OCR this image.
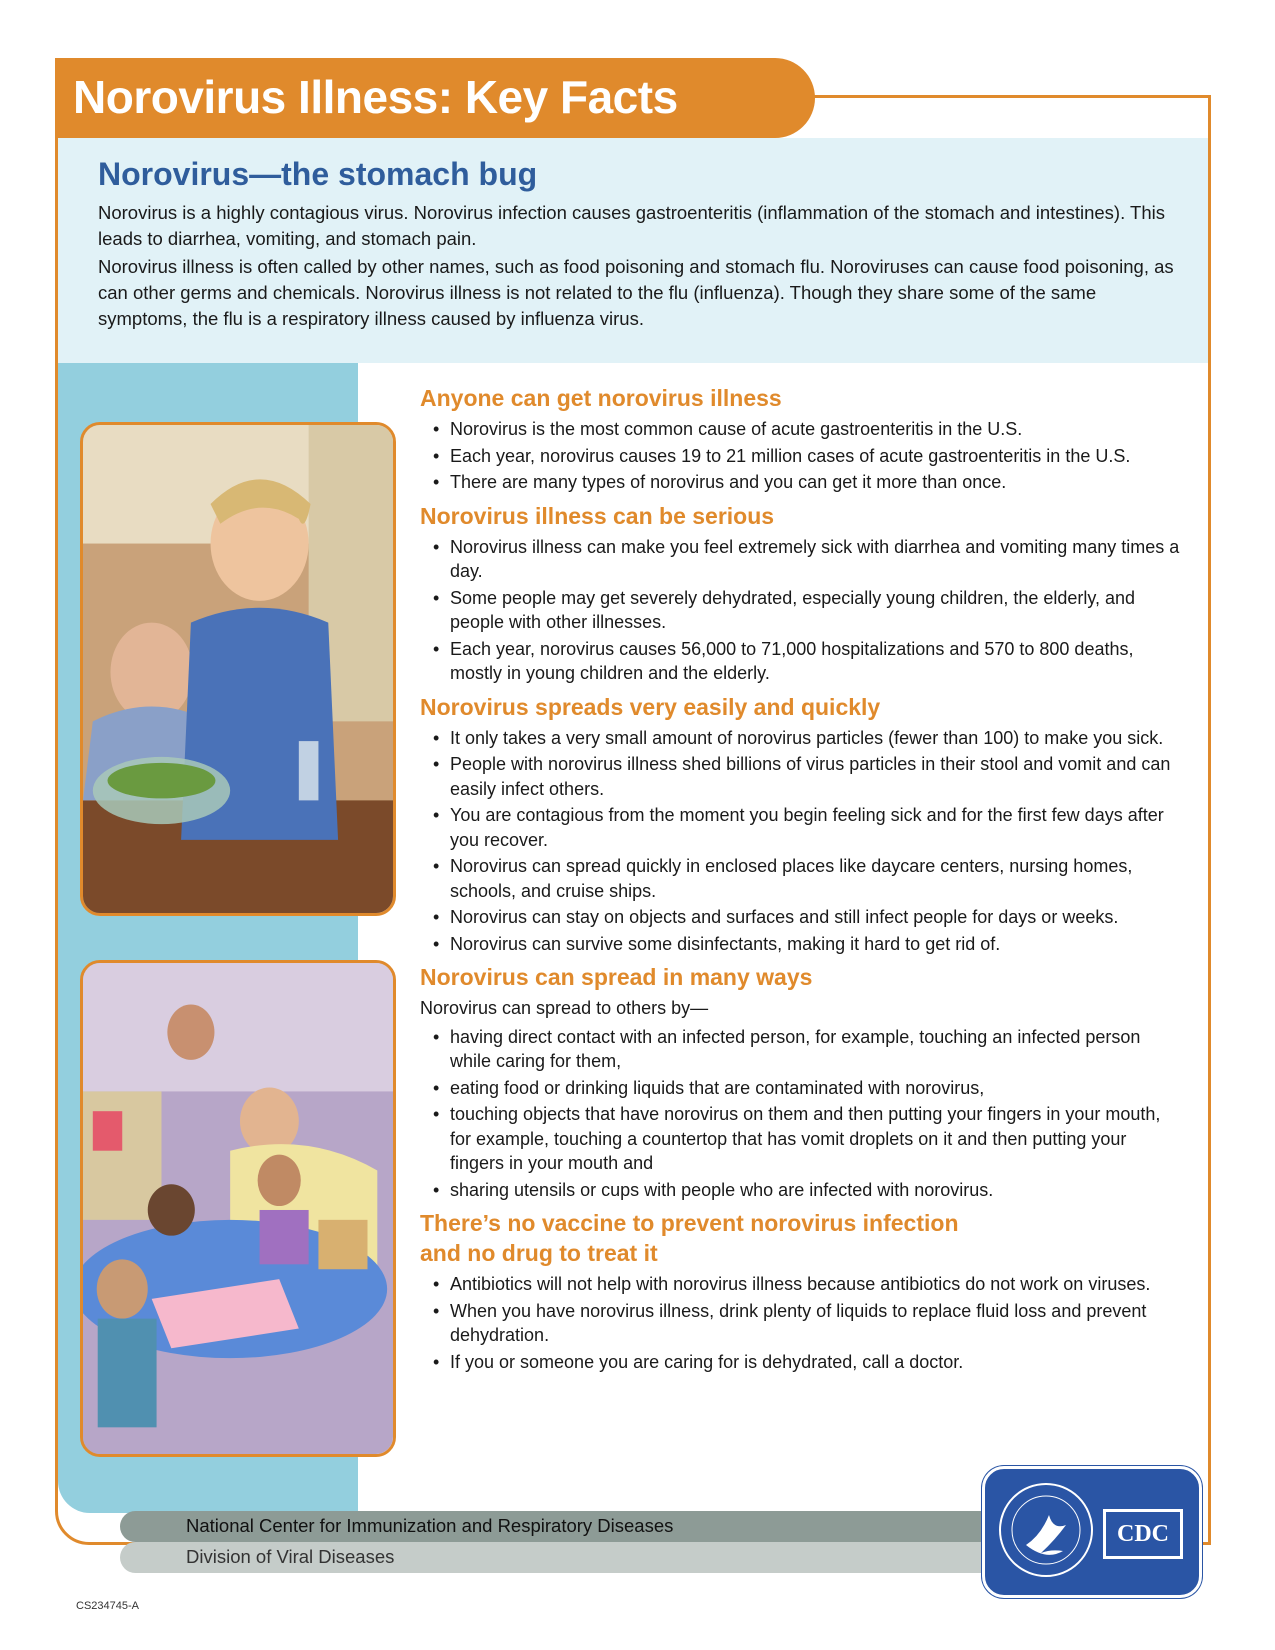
Norovirus Illness: Key Facts
Norovirus—the stomach bug

Norovirus is a highly contagious virus. Norovirus infection causes gastroenteritis (inflammation of the stomach and intestines). This leads to diarrhea, vomiting, and stomach pain.

Norovirus illness is often called by other names, such as food poisoning and stomach flu. Noroviruses can cause food poisoning, as can other germs and chemicals. Norovirus illness is not related to the flu (influenza). Though they share some of the same symptoms, the flu is a respiratory illness caused by influenza virus.

Anyone can get norovirus illness
• Norovirus is the most common cause of acute gastroenteritis in the U.S.
• Each year, norovirus causes 19 to 21 million cases of acute gastroenteritis in the U.S.
• There are many types of norovirus and you can get it more than once.
Norovirus illness can be serious
• Norovirus illness can make you feel extremely sick with diarrhea and vomiting many times a day.
• Some people may get severely dehydrated, especially young children, the elderly, and people with other illnesses.
• Each year, norovirus causes 56,000 to 71,000 hospitalizations and 570 to 800 deaths, mostly in young children and the elderly.
Norovirus spreads very easily and quickly
• It only takes a very small amount of norovirus particles (fewer than 100) to make you sick.
• People with norovirus illness shed billions of virus particles in their stool and vomit and can easily infect others.
• You are contagious from the moment you begin feeling sick and for the first few days after you recover.
• Norovirus can spread quickly in enclosed places like daycare centers, nursing homes, schools, and cruise ships.
• Norovirus can stay on objects and surfaces and still infect people for days or weeks.
• Norovirus can survive some disinfectants, making it hard to get rid of.
Norovirus can spread in many ways

Norovirus can spread to others by—

• having direct contact with an infected person, for example, touching an infected person while caring for them,
• eating food or drinking liquids that are contaminated with norovirus,
• touching objects that have norovirus on them and then putting your fingers in your mouth, for example, touching a countertop that has vomit droplets on it and then putting your fingers in your mouth and
• sharing utensils or cups with people who are infected with norovirus.
There’s no vaccine to prevent norovirus infection and no drug to treat it
• Antibiotics will not help with norovirus illness because antibiotics do not work on viruses.
• When you have norovirus illness, drink plenty of liquids to replace fluid loss and prevent dehydration.
• If you or someone you are caring for is dehydrated, call a doctor.
National Center for Immunization and Respiratory Diseases
Division of Viral Diseases
CDC
CS234745-A
